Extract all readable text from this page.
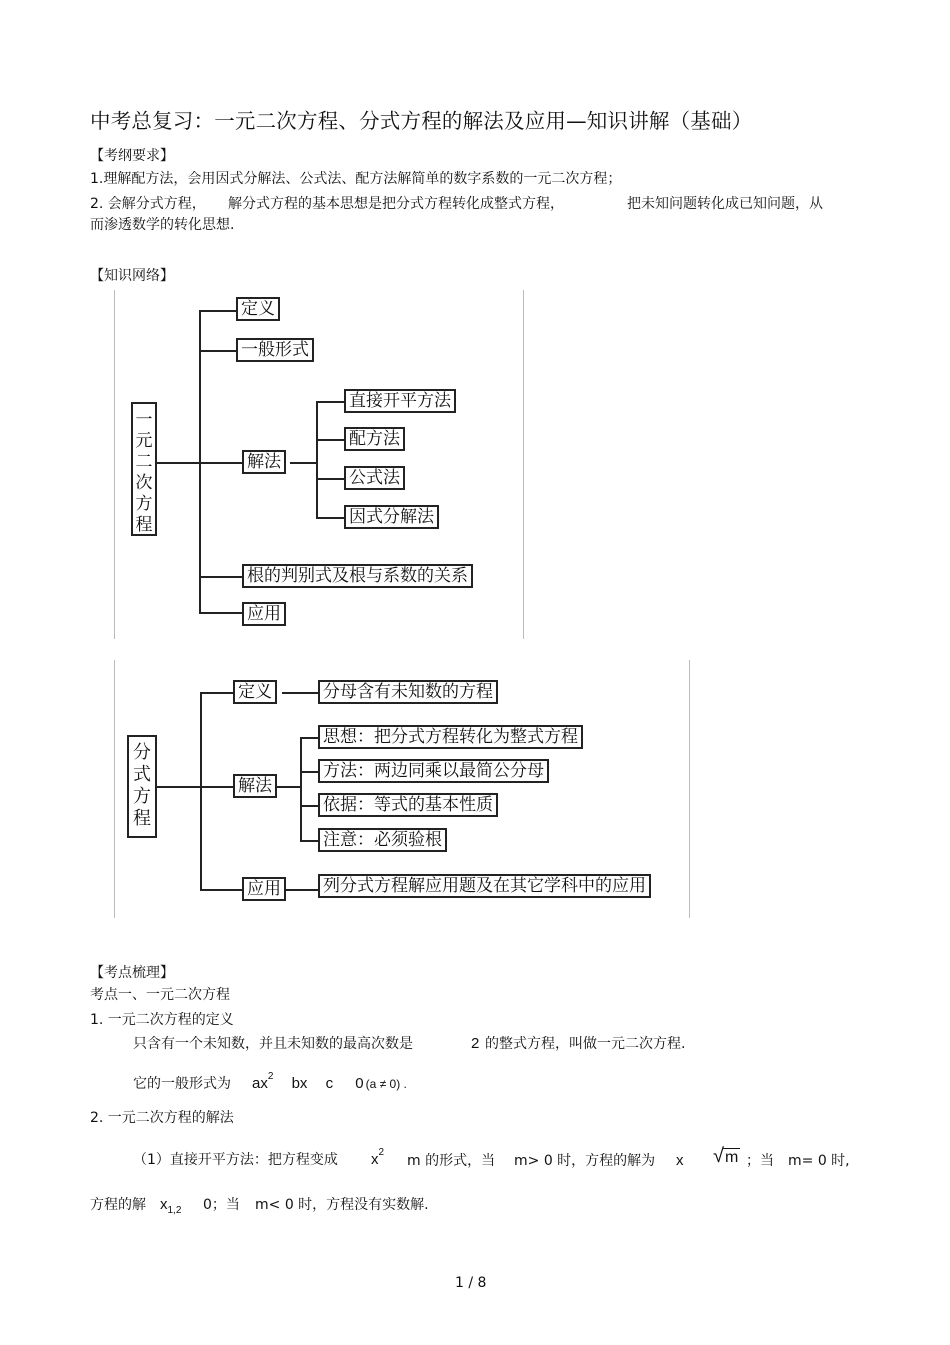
中考总复习：一元二次方程、分式方程的解法及应用—知识讲解（基础）
【考纲要求】
1.理解配方法，会用因式分解法、公式法、配方法解简单的数字系数的一元二次方程；
2. 会解分式方程， 解分式方程的基本思想是把分式方程转化成整式方程，	把未知问题转化成已知问题，从
而渗透数学的转化思想.
【知识网络】
一
元
二
次
方
程
定义
一般形式
解法
直接开平方法
配方法
公式法
因式分解法
根的判别式及根与系数的关系
应用
分
式
方
程
定义	分母含有未知数的方程
解法
思想：把分式方程转化为整式方程
方法：两边同乘以最简公分母
依据：等式的基本性质
注意：必须验根
应用 列分式方程解应用题及在其它学科中的应用
【考点梳理】
考点一、一元二次方程
1. 一元二次方程的定义
只含有一个未知数，并且未知数的最高次数是	2 的整式方程，叫做一元二次方程.
它的一般形式为 $ax^2$ bx c 0 (a ≠ 0) .
2. 一元二次方程的解法
（1）直接开平方法：把方程变成 $x^2$
m 的形式，当 m> 0 时，方程的解为 x √m ；当 m= 0 时,
方程的解 $x_{1,2}$ 0；当 m< 0 时，方程没有实数解.
1 / 8
